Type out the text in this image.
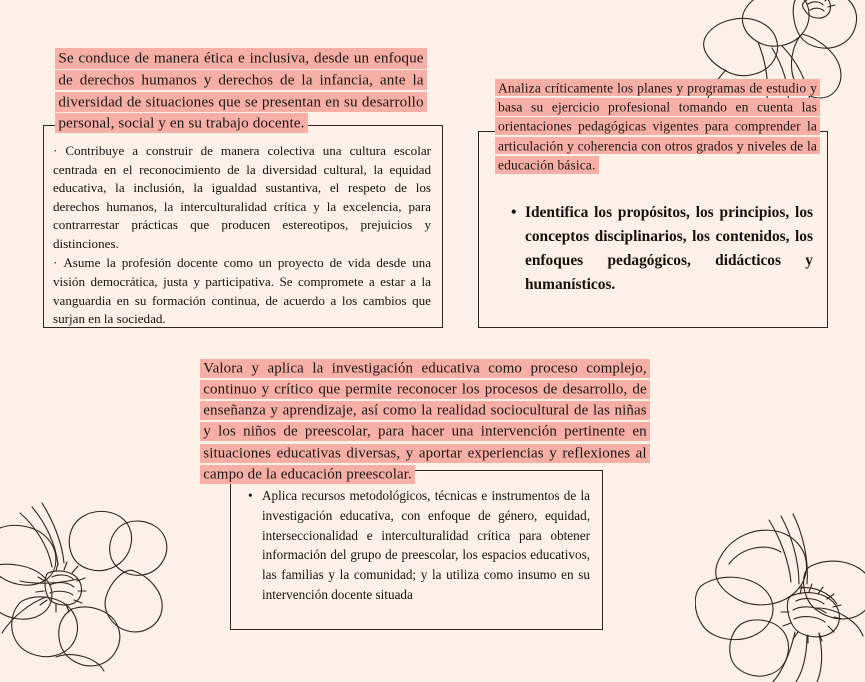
Se conduce de manera ética e inclusiva, desde un enfoque de derechos humanos y derechos de la infancia, ante la diversidad de situaciones que se presentan en su desarrollo personal, social y en su trabajo docente.

· Contribuye a construir de manera colectiva una cultura escolar centrada en el reconocimiento de la diversidad cultural, la equidad educativa, la inclusión, la igualdad sustantiva, el respeto de los derechos humanos, la interculturalidad crítica y la excelencia, para contrarrestar prácticas que producen estereotipos, prejuicios y distinciones.

· Asume la profesión docente como un proyecto de vida desde una visión democrática, justa y participativa. Se compromete a estar a la vanguardia en su formación continua, de acuerdo a los cambios que surjan en la sociedad.

Analiza críticamente los planes y programas de estudio y basa su ejercicio profesional tomando en cuenta las orientaciones pedagógicas vigentes para comprender la articulación y coherencia con otros grados y niveles de la educación básica.
• Identifica los propósitos, los principios, los conceptos disciplinarios, los contenidos, los enfoques pedagógicos, didácticos y humanísticos.
Valora y aplica la investigación educativa como proceso complejo, continuo y crítico que permite reconocer los procesos de desarrollo, de enseñanza y aprendizaje, así como la realidad sociocultural de las niñas y los niños de preescolar, para hacer una intervención pertinente en situaciones educativas diversas, y aportar experiencias y reflexiones al campo de la educación preescolar.
• Aplica recursos metodológicos, técnicas e instrumentos de la investigación educativa, con enfoque de género, equidad, interseccionalidad e interculturalidad crítica para obtener información del grupo de preescolar, los espacios educativos, las familias y la comunidad; y la utiliza como insumo en su intervención docente situada
